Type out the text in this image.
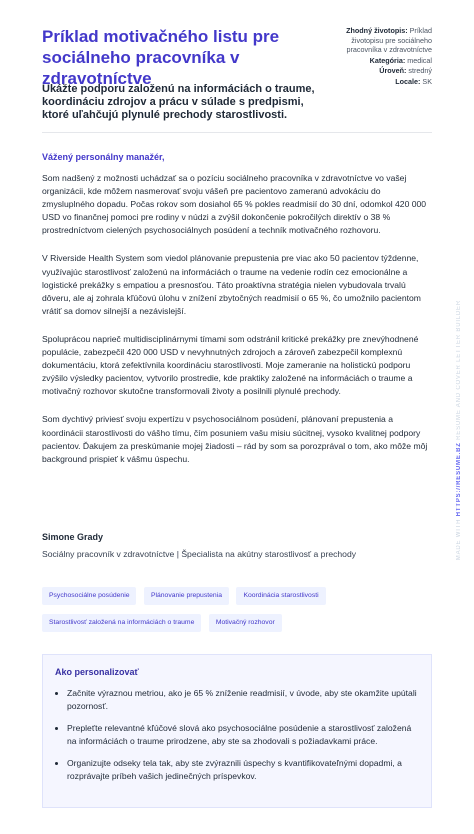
Príklad motivačného listu pre sociálneho pracovníka v zdravotníctve

Ukážte podporu založenú na informáciách o traume, koordináciu zdrojov a prácu v súlade s predpismi, ktoré uľahčujú plynulé prechody starostlivosti.

Zhodný životopis: Príklad životopisu pre sociálneho pracovníka v zdravotníctve
Kategória: medical
Úroveň: stredný
Locale: SK
Vážený personálny manažér,

Som nadšený z možnosti uchádzať sa o pozíciu sociálneho pracovníka v zdravotníctve vo vašej organizácii, kde môžem nasmerovať svoju vášeň pre pacientovo zameranú advokáciu do zmysluplného dopadu. Počas rokov som dosiahol 65 % pokles readmisií do 30 dní, odomkol 420 000 USD vo finančnej pomoci pre rodiny v núdzi a zvýšil dokončenie pokročilých direktív o 38 % prostredníctvom cielených psychosociálnych posúdení a techník motivačného rozhovoru.

V Riverside Health System som viedol plánovanie prepustenia pre viac ako 50 pacientov týždenne, využívajúc starostlivosť založenú na informáciách o traume na vedenie rodín cez emocionálne a logistické prekážky s empatiou a presnosťou. Táto proaktívna stratégia nielen vybudovala trvalú dôveru, ale aj zohrala kľúčovú úlohu v znížení zbytočných readmisií o 65 %, čo umožnilo pacientom vrátiť sa domov silnejší a nezávislejší.

Spoluprácou naprieč multidisciplinárnymi tímami som odstránil kritické prekážky pre znevýhodnené populácie, zabezpečil 420 000 USD v nevyhnutných zdrojoch a zároveň zabezpečil komplexnú dokumentáciu, ktorá zefektívnila koordináciu starostlivosti. Moje zameranie na holistickú podporu zvýšilo výsledky pacientov, vytvorilo prostredie, kde praktiky založené na informáciách o traume a motivačný rozhovor skutočne transformovali životy a posilnili plynulé prechody.

Som dychtivý priviesť svoju expertízu v psychosociálnom posúdení, plánovaní prepustenia a koordinácii starostlivosti do vášho tímu, čím posuniem vašu misiu súcitnej, vysoko kvalitnej podpory pacientov. Ďakujem za preskúmanie mojej žiadosti – rád by som sa porozprával o tom, ako môže môj background prispieť k vášmu úspechu.

Simone Grady
Sociálny pracovník v zdravotníctve | Špecialista na akútny starostlivosť a prechody
Psychosociálne posúdenie	Plánovanie prepustenia	Koordinácia starostlivosti Starostlivosť založená na informáciách o traume	Motivačný rozhovor
Ako personalizovať
• Začnite výraznou metriou, ako je 65 % zníženie readmisií, v úvode, aby ste okamžite upútali pozornosť.
• Prepleťte relevantné kľúčové slová ako psychosociálne posúdenie a starostlivosť založená na informáciách o traume prirodzene, aby ste sa zhodovali s požiadavkami práce.
• Organizujte odseky tela tak, aby ste zvýraznili úspechy s kvantifikovateľnými dopadmi, a rozprávajte príbeh vašich jedinečných príspevkov.
MADE WITH HTTPS://RESUME.BZ RESUME AND COVER LETTER BUILDER
